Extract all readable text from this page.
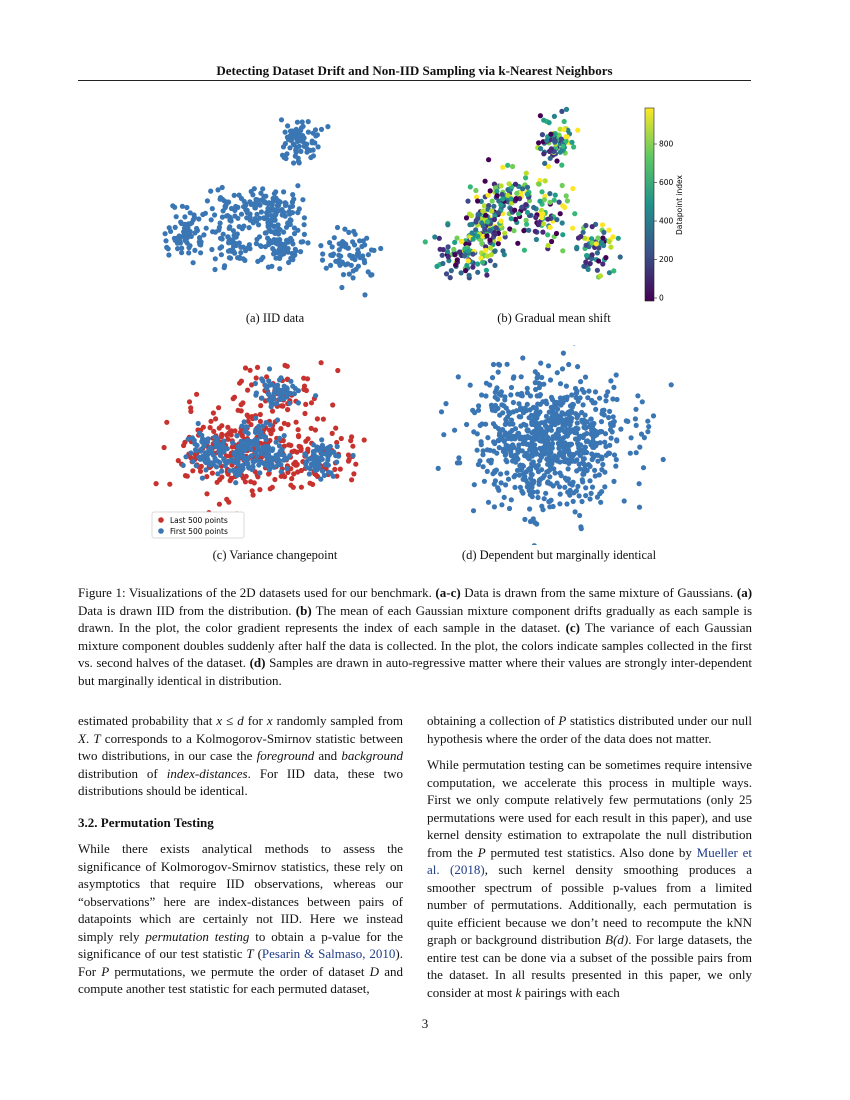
Detecting Dataset Drift and Non-IID Sampling via k-Nearest Neighbors
(a) IID data
0
200
400
600
800
Datapoint index
(b) Gradual mean shift
Last 500 points
First 500 points
(c) Variance changepoint	(d) Dependent but marginally identical
Figure 1: Visualizations of the 2D datasets used for our benchmark. (a-c) Data is drawn from the same mixture of Gaussians. (a) Data is drawn IID from the distribution. (b) The mean of each Gaussian mixture component drifts gradually as each sample is drawn. In the plot, the color gradient represents the index of each sample in the dataset. (c) The variance of each Gaussian mixture component doubles suddenly after half the data is collected. In the plot, the colors indicate samples collected in the first vs. second halves of the dataset. (d) Samples are drawn in auto-regressive matter where their values are strongly inter-dependent but marginally identical in distribution.

estimated probability that x ≤ d for x randomly sampled from X. T corresponds to a Kolmogorov-Smirnov statistic between two distributions, in our case the foreground and background distribution of index-distances. For IID data, these two distributions should be identical.

3.2. Permutation Testing

While there exists analytical methods to assess the significance of Kolmorogov-Smirnov statistics, these rely on asymptotics that require IID observations, whereas our “observations” here are index-distances between pairs of datapoints which are certainly not IID. Here we instead simply rely permutation testing to obtain a p-value for the significance of our test statistic T (Pesarin & Salmaso, 2010). For P permutations, we permute the order of dataset D and compute another test statistic for each permuted dataset,

obtaining a collection of P statistics distributed under our null hypothesis where the order of the data does not matter.

While permutation testing can be sometimes require intensive computation, we accelerate this process in multiple ways. First we only compute relatively few permutations (only 25 permutations were used for each result in this paper), and use kernel density estimation to extrapolate the null distribution from the P permuted test statistics. Also done by Mueller et al. (2018), such kernel density smoothing produces a smoother spectrum of possible p-values from a limited number of permutations. Additionally, each permutation is quite efficient because we don’t need to recompute the kNN graph or background distribution B(d). For large datasets, the entire test can be done via a subset of the possible pairs from the dataset. In all results presented in this paper, we only consider at most k pairings with each

3
